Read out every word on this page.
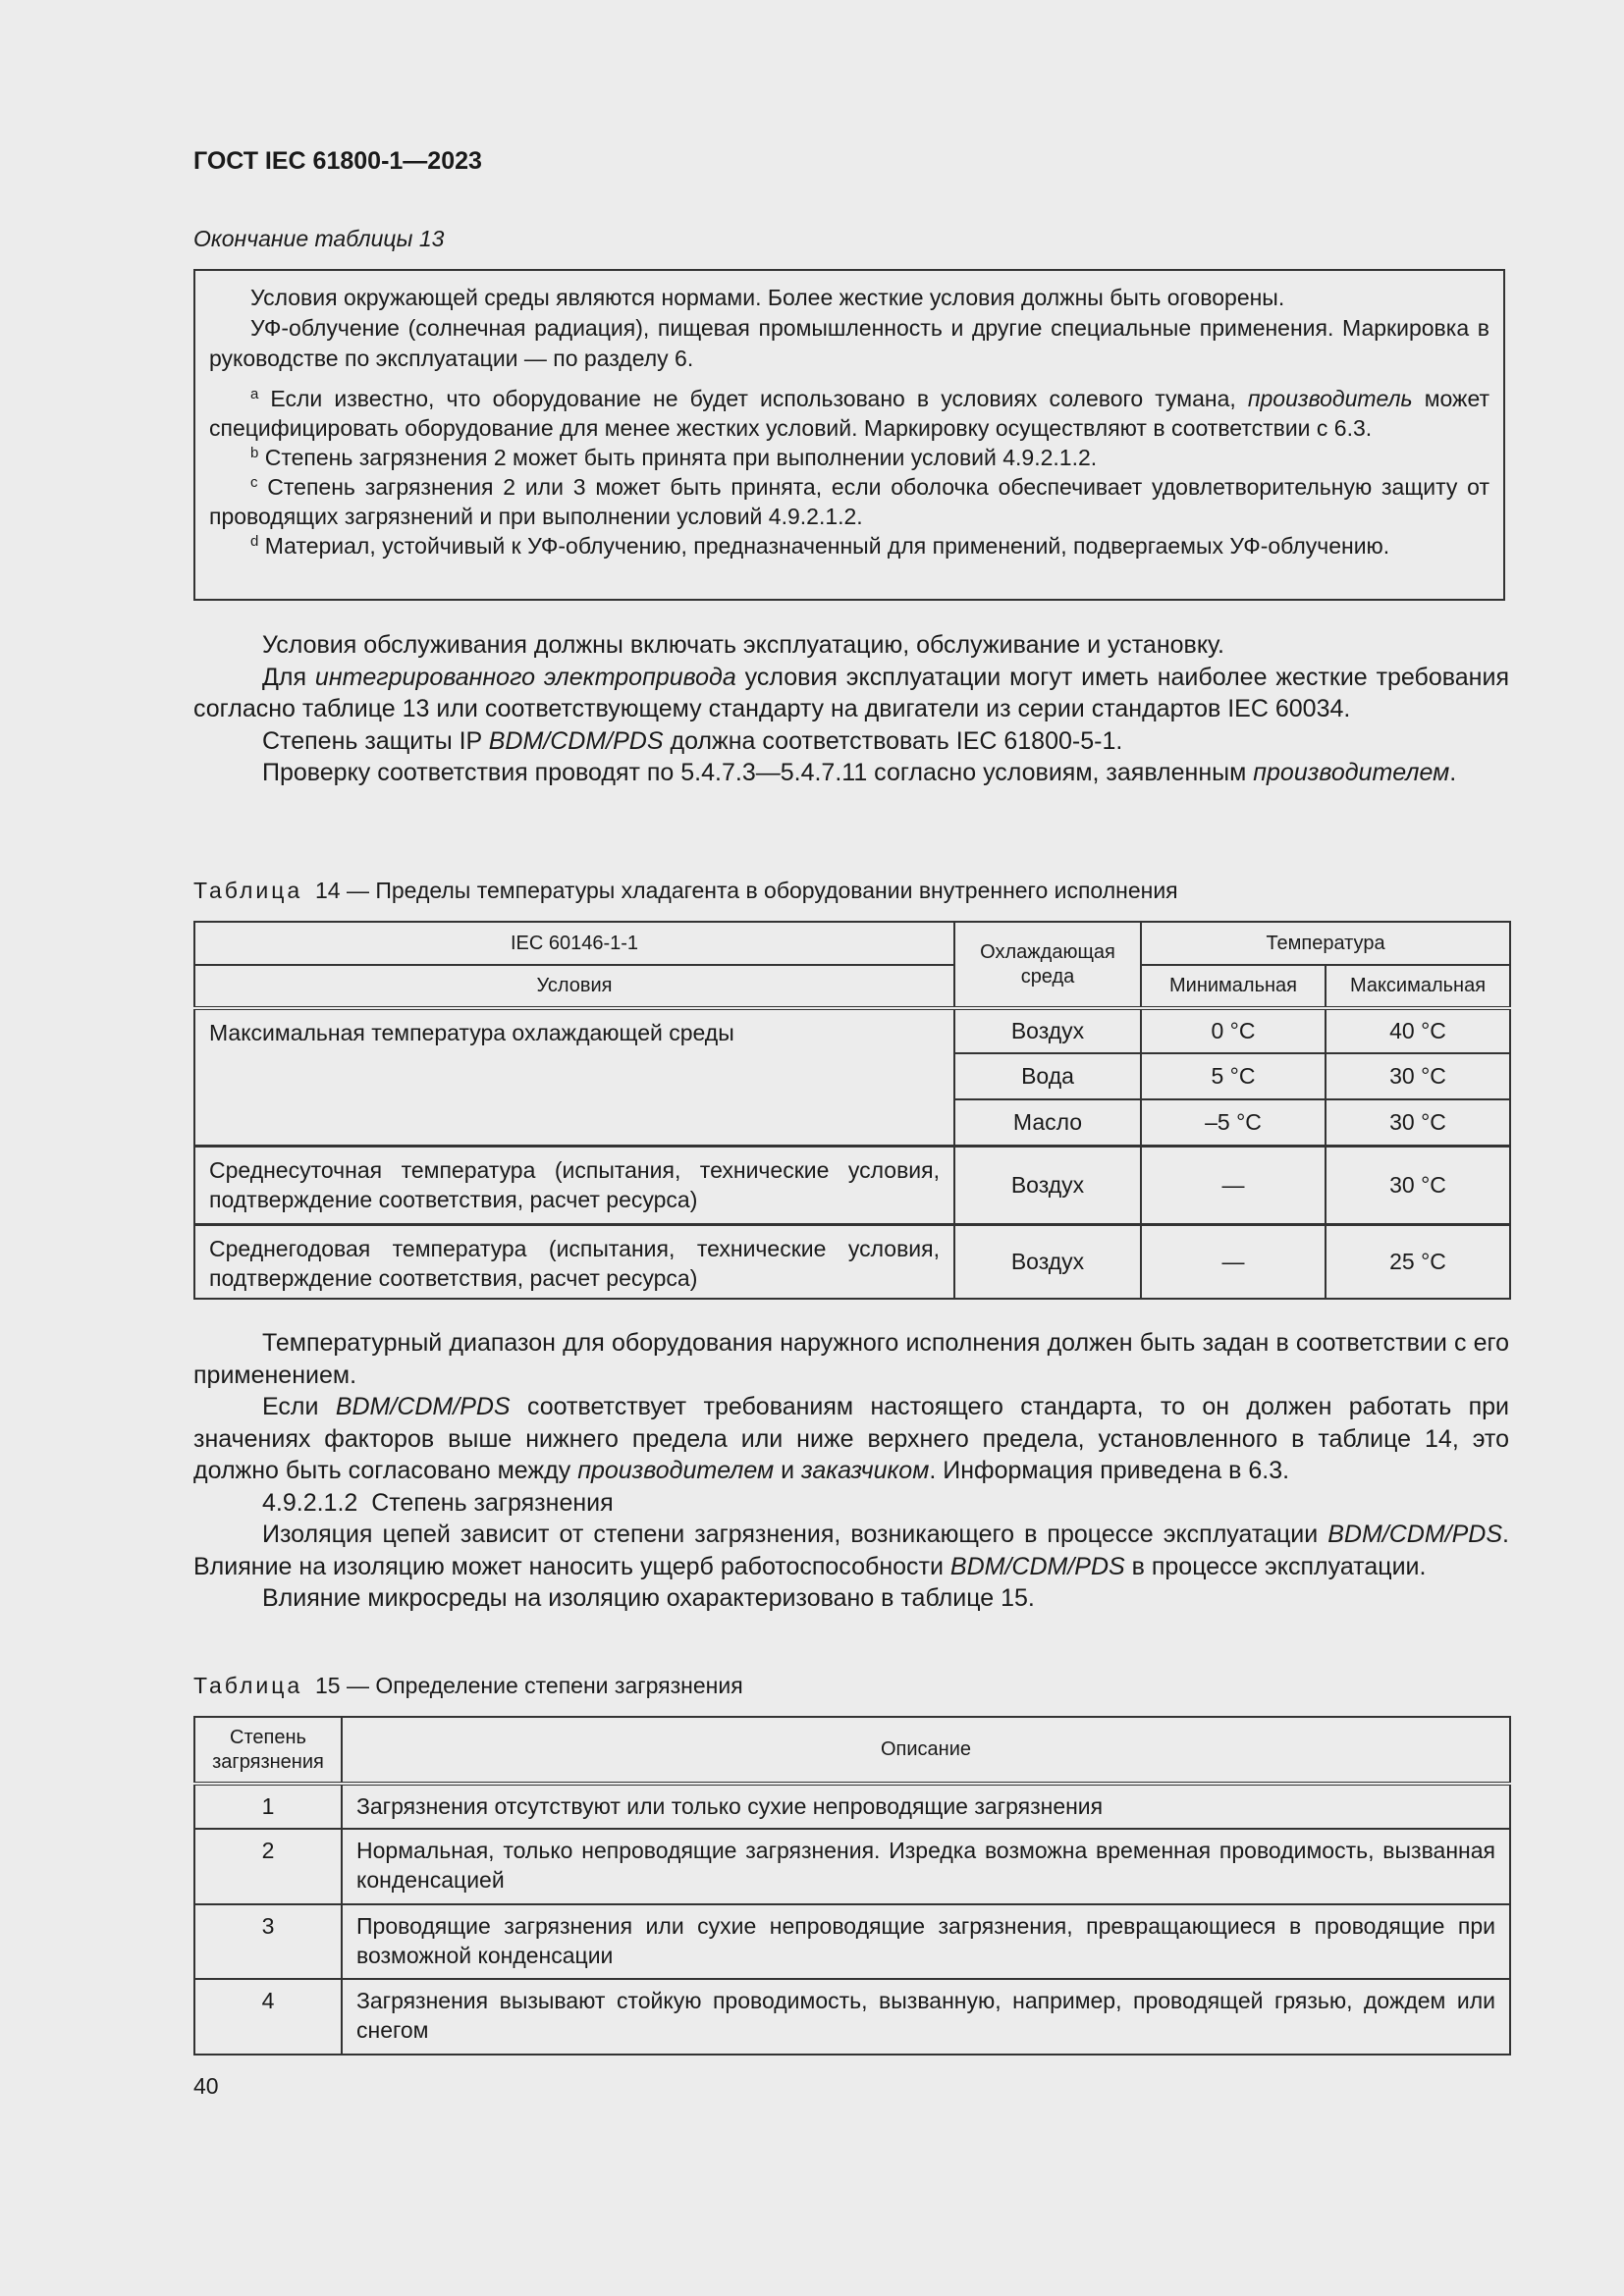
ГОСТ IEC 61800-1—2023
Окончание таблицы 13

Условия окружающей среды являются нормами. Более жесткие условия должны быть оговорены.

УФ-облучение (солнечная радиация), пищевая промышленность и другие специальные применения. Маркировка в руководстве по эксплуатации — по разделу 6.

$^a$ Если известно, что оборудование не будет использовано в условиях солевого тумана, производитель может специфицировать оборудование для менее жестких условий. Маркировку осуществляют в соответствии с 6.3.

$^b$ Степень загрязнения 2 может быть принята при выполнении условий 4.9.2.1.2.

$^c$ Степень загрязнения 2 или 3 может быть принята, если оболочка обеспечивает удовлетворительную защиту от проводящих загрязнений и при выполнении условий 4.9.2.1.2.

$^d$ Материал, устойчивый к УФ-облучению, предназначенный для применений, подвергаемых УФ-облучению.

Условия обслуживания должны включать эксплуатацию, обслуживание и установку.

Для интегрированного электропривода условия эксплуатации могут иметь наиболее жесткие требования согласно таблице 13 или соответствующему стандарту на двигатели из серии стандартов IEC 60034.

Степень защиты IP BDM/CDM/PDS должна соответствовать IEC 61800-5-1.

Проверку соответствия проводят по 5.4.7.3—5.4.7.11 согласно условиям, заявленным производителем.

Таблица 14 — Пределы температуры хладагента в оборудовании внутреннего исполнения
IEC 60146-1-1	Охлаждающая среда	Температура	
Условия		Минимальная	Максимальная
Максимальная температура охлаждающей среды	Воздух	0 °С	40 °С
	Вода	5 °С	30 °С
	Масло	–5 °С	30 °С
Среднесуточная температура (испытания, технические условия, подтверждение соответствия, расчет ресурса)	Воздух	—	30 °С
Среднегодовая температура (испытания, технические условия, подтверждение соответствия, расчет ресурса)	Воздух	—	25 °С

Температурный диапазон для оборудования наружного исполнения должен быть задан в соответствии с его применением.

Если BDM/CDM/PDS соответствует требованиям настоящего стандарта, то он должен работать при значениях факторов выше нижнего предела или ниже верхнего предела, установленного в таблице 14, это должно быть согласовано между производителем и заказчиком. Информация приведена в 6.3.

4.9.2.1.2  Степень загрязнения

Изоляция цепей зависит от степени загрязнения, возникающего в процессе эксплуатации BDM/CDM/PDS. Влияние на изоляцию может наносить ущерб работоспособности BDM/CDM/PDS в процессе эксплуатации.

Влияние микросреды на изоляцию охарактеризовано в таблице 15.

Таблица 15 — Определение степени загрязнения
Степень загрязнения	Описание
1	Загрязнения отсутствуют или только сухие непроводящие загрязнения
2	Нормальная, только непроводящие загрязнения. Изредка возможна временная проводимость, вызванная конденсацией
3	Проводящие загрязнения или сухие непроводящие загрязнения, превращающиеся в проводящие при возможной конденсации
4	Загрязнения вызывают стойкую проводимость, вызванную, например, проводящей грязью, дождем или снегом
40
